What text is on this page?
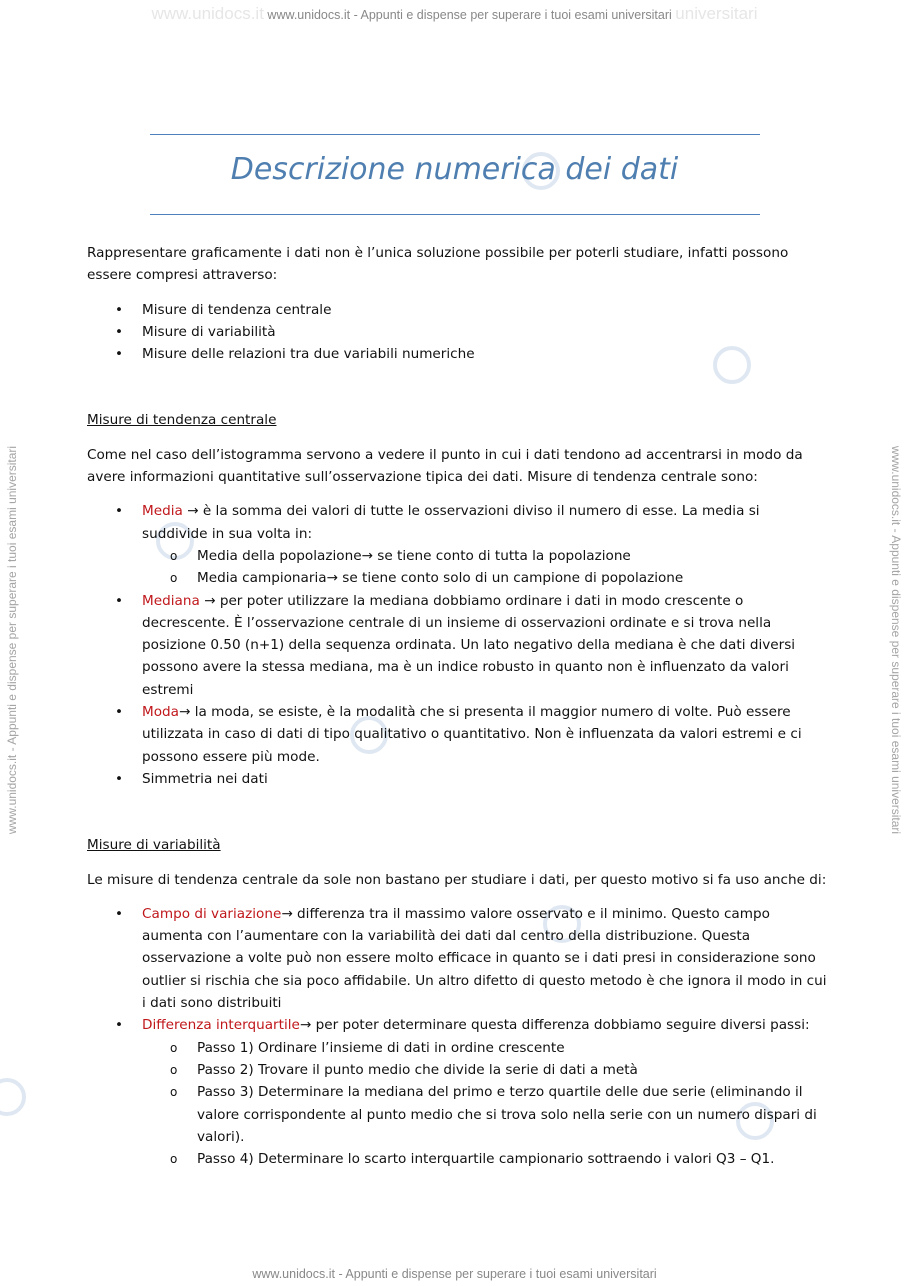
www.unidocs.it www.unidocs.it - Appunti e dispense per superare i tuoi esami universitari universitari
www.unidocs.it - Appunti e dispense per superare i tuoi esami universitari	www.unidocs.it - Appunti e dispense per superare i tuoi esami universitari
Descrizione numerica dei dati

Rappresentare graficamente i dati non è l’unica soluzione possibile per poterli studiare, infatti possono essere compresi attraverso:

• Misure di tendenza centrale
• Misure di variabilità
• Misure delle relazioni tra due variabili numeriche
Misure di tendenza centrale

Come nel caso dell’istogramma servono a vedere il punto in cui i dati tendono ad accentrarsi in modo da avere informazioni quantitative sull’osservazione tipica dei dati. Misure di tendenza centrale sono:

• Media → è la somma dei valori di tutte le osservazioni diviso il numero di esse. La media si suddivide in sua volta in:
o Media della popolazione→ se tiene conto di tutta la popolazione
o Media campionaria→ se tiene conto solo di un campione di popolazione
• Mediana → per poter utilizzare la mediana dobbiamo ordinare i dati in modo crescente o decrescente. È l’osservazione centrale di un insieme di osservazioni ordinate e si trova nella posizione 0.50 (n+1) della sequenza ordinata. Un lato negativo della mediana è che dati diversi possono avere la stessa mediana, ma è un indice robusto in quanto non è influenzato da valori estremi
• Moda→ la moda, se esiste, è la modalità che si presenta il maggior numero di volte. Può essere utilizzata in caso di dati di tipo qualitativo o quantitativo. Non è influenzata da valori estremi e ci possono essere più mode.
• Simmetria nei dati
Misure di variabilità

Le misure di tendenza centrale da sole non bastano per studiare i dati, per questo motivo si fa uso anche di:

• Campo di variazione→ differenza tra il massimo valore osservato e il minimo. Questo campo aumenta con l’aumentare con la variabilità dei dati dal centro della distribuzione. Questa osservazione a volte può non essere molto efficace in quanto se i dati presi in considerazione sono outlier si rischia che sia poco affidabile. Un altro difetto di questo metodo è che ignora il modo in cui i dati sono distribuiti
• Differenza interquartile→ per poter determinare questa differenza dobbiamo seguire diversi passi:
o Passo 1) Ordinare l’insieme di dati in ordine crescente
o Passo 2) Trovare il punto medio che divide la serie di dati a metà
o Passo 3) Determinare la mediana del primo e terzo quartile delle due serie (eliminando il valore corrispondente al punto medio che si trova solo nella serie con un numero dispari di valori).
o Passo 4) Determinare lo scarto interquartile campionario sottraendo i valori Q3 – Q1.
www.unidocs.it - Appunti e dispense per superare i tuoi esami universitari
